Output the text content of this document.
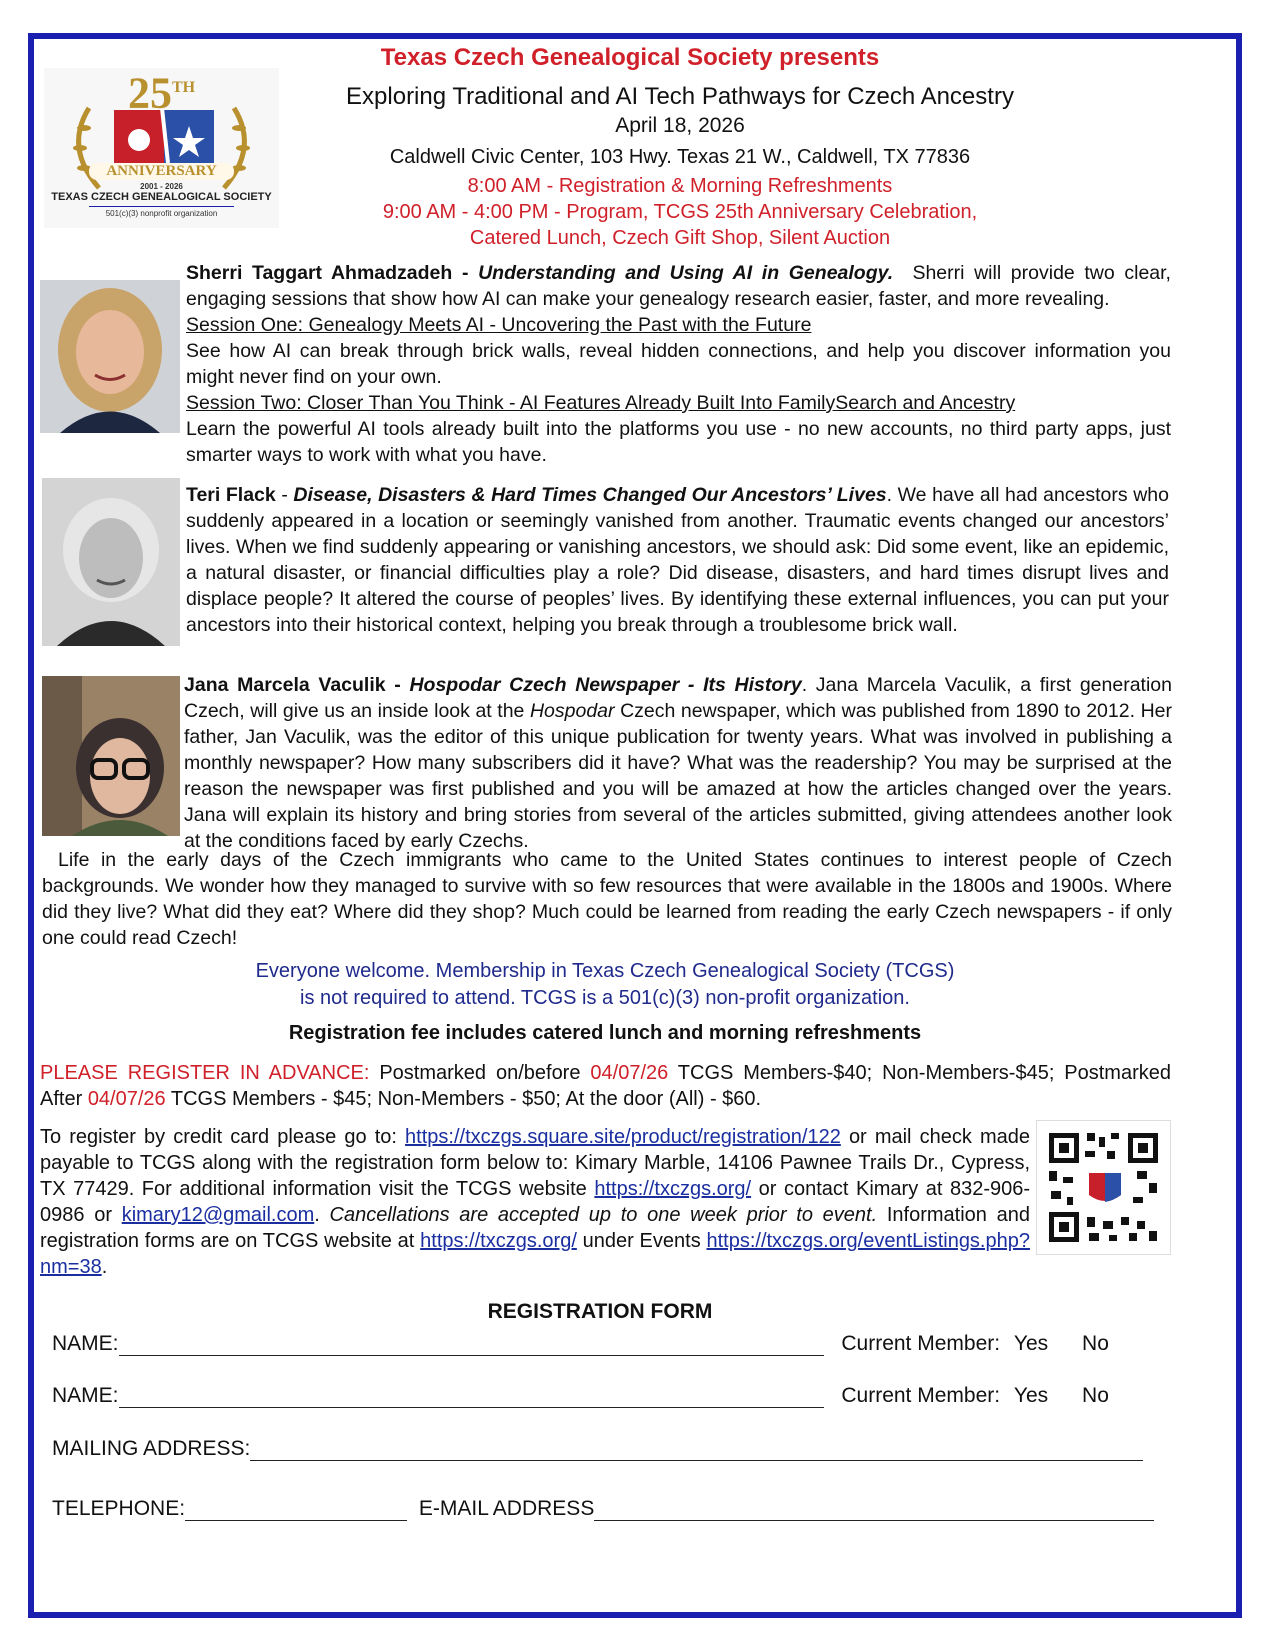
25TH
ANNIVERSARY
2001 - 2026
TEXAS CZECH GENEALOGICAL SOCIETY
501(c)(3) nonprofit organization
Texas Czech Genealogical Society presents
Exploring Traditional and AI Tech Pathways for Czech Ancestry
April 18, 2026
Caldwell Civic Center, 103 Hwy. Texas 21 W., Caldwell, TX 77836
8:00 AM - Registration & Morning Refreshments
9:00 AM - 4:00 PM - Program, TCGS 25th Anniversary Celebration,
Catered Lunch, Czech Gift Shop, Silent Auction

Sherri Taggart Ahmadzadeh - Understanding and Using AI in Genealogy. Sherri will provide two clear, engaging sessions that show how AI can make your genealogy research easier, faster, and more revealing.

Session One: Genealogy Meets AI - Uncovering the Past with the Future

See how AI can break through brick walls, reveal hidden connections, and help you discover information you might never find on your own.

Session Two: Closer Than You Think - AI Features Already Built Into FamilySearch and Ancestry

Learn the powerful AI tools already built into the platforms you use - no new accounts, no third party apps, just smarter ways to work with what you have.

Teri Flack - Disease, Disasters & Hard Times Changed Our Ancestors’ Lives. We have all had ancestors who suddenly appeared in a location or seemingly vanished from another. Traumatic events changed our ancestors’ lives. When we find suddenly appearing or vanishing ancestors, we should ask: Did some event, like an epidemic, a natural disaster, or financial difficulties play a role? Did disease, disasters, and hard times disrupt lives and displace people? It altered the course of peoples’ lives. By identifying these external influences, you can put your ancestors into their historical context, helping you break through a troublesome brick wall.

Jana Marcela Vaculik - Hospodar Czech Newspaper - Its History. Jana Marcela Vaculik, a first generation Czech, will give us an inside look at the Hospodar Czech newspaper, which was published from 1890 to 2012. Her father, Jan Vaculik, was the editor of this unique publication for twenty years. What was involved in publishing a monthly newspaper? How many subscribers did it have? What was the readership? You may be surprised at the reason the newspaper was first published and you will be amazed at how the articles changed over the years. Jana will explain its history and bring stories from several of the articles submitted, giving attendees another look at the conditions faced by early Czechs.

Life in the early days of the Czech immigrants who came to the United States continues to interest people of Czech backgrounds. We wonder how they managed to survive with so few resources that were available in the 1800s and 1900s. Where did they live? What did they eat? Where did they shop? Much could be learned from reading the early Czech newspapers - if only one could read Czech!

Everyone welcome. Membership in Texas Czech Genealogical Society (TCGS)
is not required to attend. TCGS is a 501(c)(3) non-profit organization.
Registration fee includes catered lunch and morning refreshments

PLEASE REGISTER IN ADVANCE: Postmarked on/before 04/07/26 TCGS Members-$40; Non-Members-$45; Postmarked After 04/07/26 TCGS Members - $45; Non-Members - $50; At the door (All) - $60.

To register by credit card please go to: https://txczgs.square.site/product/registration/122 or mail check made payable to TCGS along with the registration form below to: Kimary Marble, 14106 Pawnee Trails Dr., Cypress, TX 77429. For additional information visit the TCGS website https://txczgs.org/ or contact Kimary at 832-906-0986 or kimary12@gmail.com. Cancellations are accepted up to one week prior to event. Information and registration forms are on TCGS website at https://txczgs.org/ under Events https://txczgs.org/eventListings.php?nm=38.

REGISTRATION FORM
NAME:	Current Member: Yes No
NAME:	Current Member: Yes No
MAILING ADDRESS:
TELEPHONE:	E-MAIL ADDRESS
